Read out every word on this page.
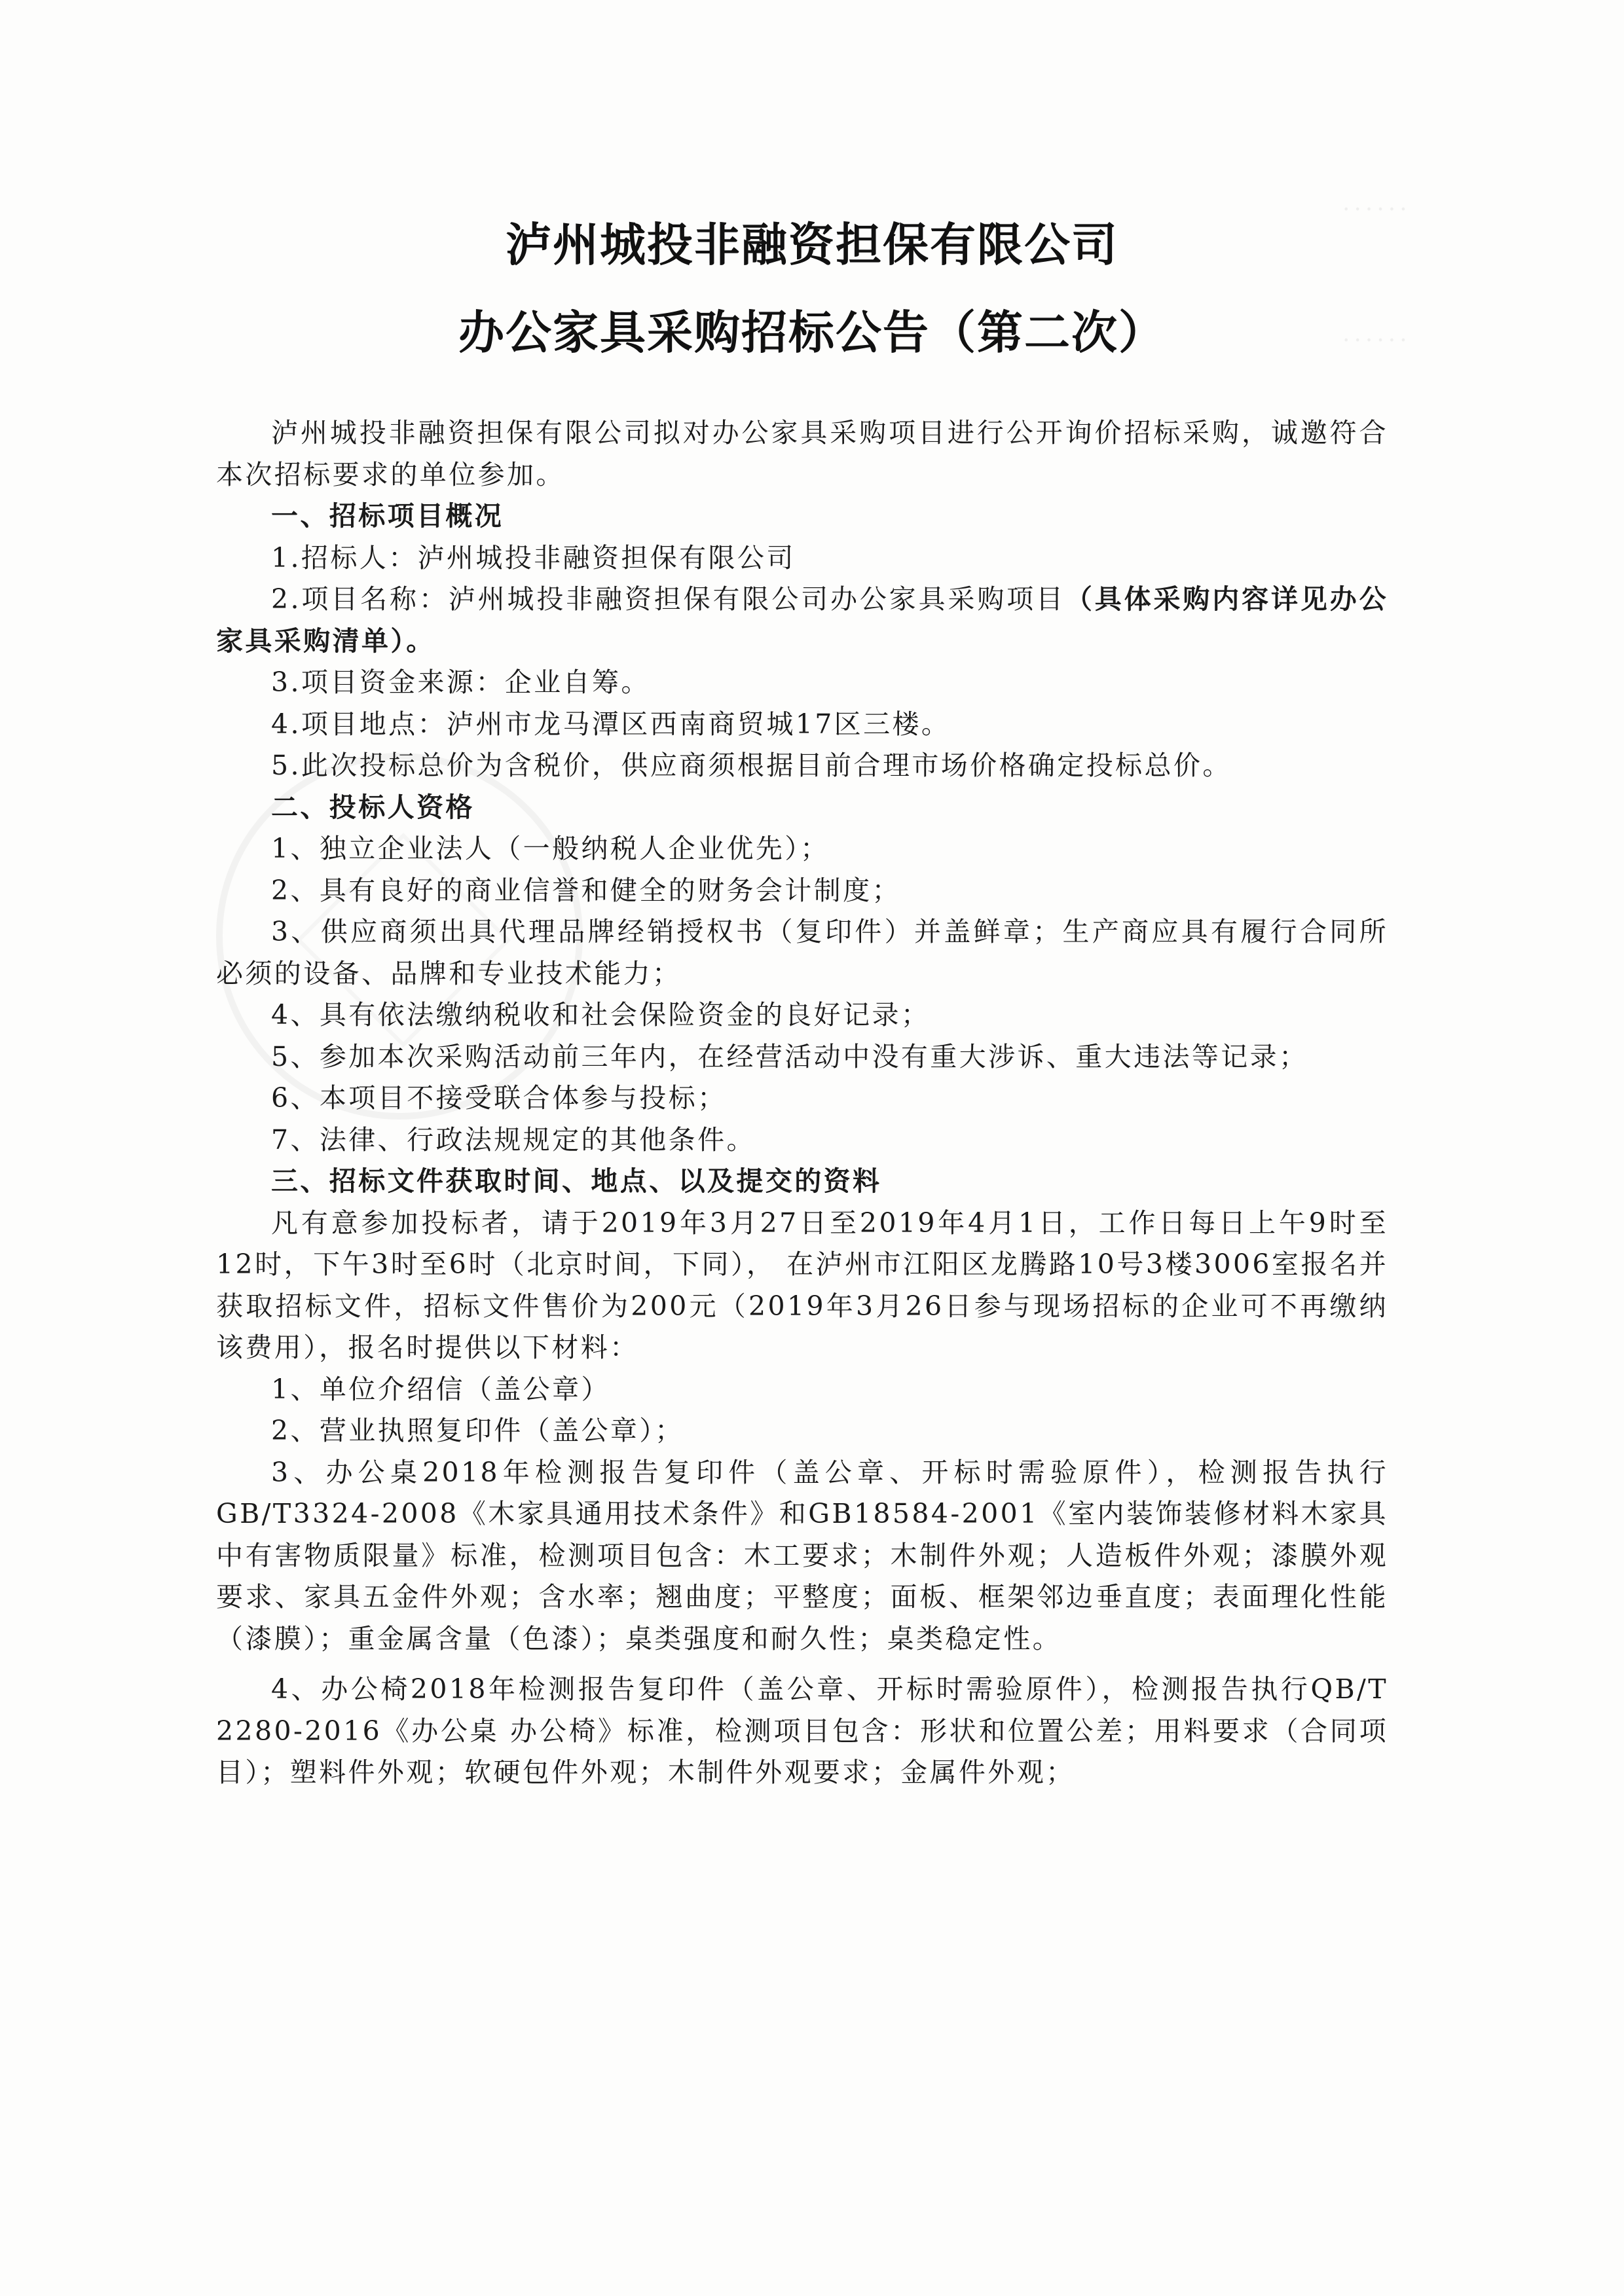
······
······
泸州城投非融资担保有限公司
办公家具采购招标公告（第二次）

泸州城投非融资担保有限公司拟对办公家具采购项目进行公开询价招标采购，诚邀符合本次招标要求的单位参加。

一、招标项目概况

1.招标人：泸州城投非融资担保有限公司

2.项目名称：泸州城投非融资担保有限公司办公家具采购项目（具体采购内容详见办公家具采购清单）。

3.项目资金来源：企业自筹。

4.项目地点：泸州市龙马潭区西南商贸城17区三楼。

5.此次投标总价为含税价，供应商须根据目前合理市场价格确定投标总价。

二、投标人资格

1、独立企业法人（一般纳税人企业优先）；

2、具有良好的商业信誉和健全的财务会计制度；

3、供应商须出具代理品牌经销授权书（复印件）并盖鲜章；生产商应具有履行合同所必须的设备、品牌和专业技术能力；

4、具有依法缴纳税收和社会保险资金的良好记录；

5、参加本次采购活动前三年内，在经营活动中没有重大涉诉、重大违法等记录；

6、本项目不接受联合体参与投标；

7、法律、行政法规规定的其他条件。

三、招标文件获取时间、地点、以及提交的资料

凡有意参加投标者，请于2019年3月27日至2019年4月1日，工作日每日上午9时至12时，下午3时至6时（北京时间，下同）， 在泸州市江阳区龙腾路10号3楼3006室报名并获取招标文件，招标文件售价为200元（2019年3月26日参与现场招标的企业可不再缴纳该费用），报名时提供以下材料：

1、单位介绍信（盖公章）

2、营业执照复印件（盖公章）；

3、办公桌2018年检测报告复印件（盖公章、开标时需验原件），检测报告执行GB/T3324-2008《木家具通用技术条件》和GB18584-2001《室内装饰装修材料木家具中有害物质限量》标准，检测项目包含：木工要求；木制件外观；人造板件外观；漆膜外观要求、家具五金件外观；含水率；翘曲度；平整度；面板、框架邻边垂直度；表面理化性能（漆膜）；重金属含量（色漆）；桌类强度和耐久性；桌类稳定性。

4、办公椅2018年检测报告复印件（盖公章、开标时需验原件），检测报告执行QB/T 2280-2016《办公桌 办公椅》标准，检测项目包含：形状和位置公差；用料要求（合同项目）；塑料件外观；软硬包件外观；木制件外观要求；金属件外观；
